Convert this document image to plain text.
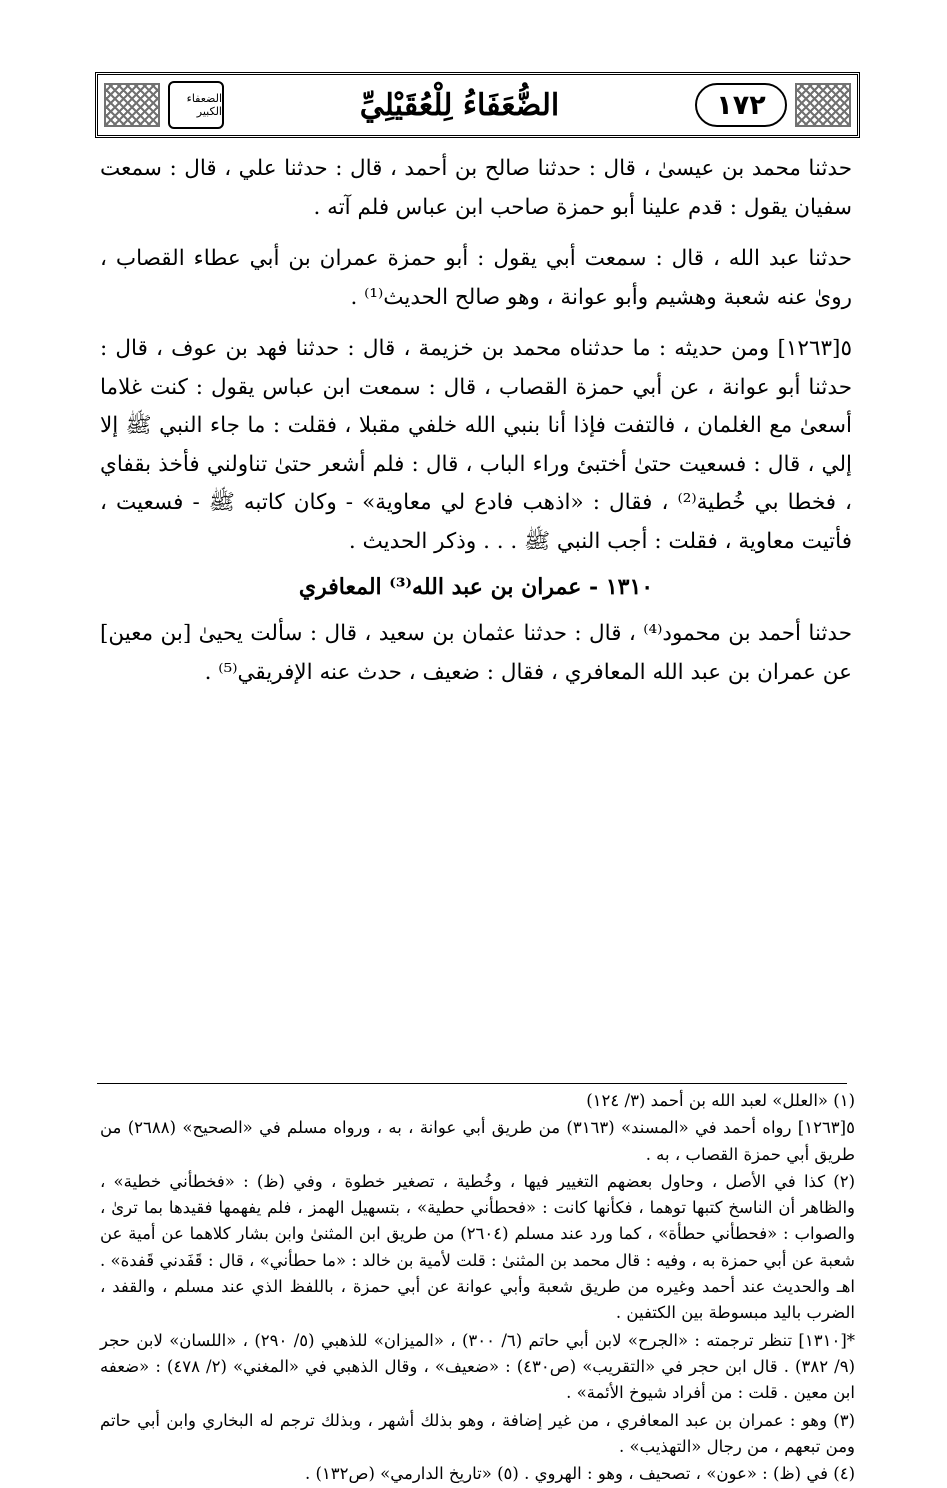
الضعفاء الكبير	الضُّعَفَاءُ لِلْعُقَيْلِيِّ	١٧٢

حدثنا محمد بن عيسىٰ ، قال : حدثنا صالح بن أحمد ، قال : حدثنا علي ، قال : سمعت سفيان يقول : قدم علينا أبو حمزة صاحب ابن عباس فلم آته .

حدثنا عبد الله ، قال : سمعت أبي يقول : أبو حمزة عمران بن أبي عطاء القصاب ، روىٰ عنه شعبة وهشيم وأبو عوانة ، وهو صالح الحديث⁽¹⁾ .

٥[١٢٦٣] ومن حديثه : ما حدثناه محمد بن خزيمة ، قال : حدثنا فهد بن عوف ، قال : حدثنا أبو عوانة ، عن أبي حمزة القصاب ، قال : سمعت ابن عباس يقول : كنت غلاما أسعىٰ مع الغلمان ، فالتفت فإذا أنا بنبي الله خلفي مقبلا ، فقلت : ما جاء النبي ﷺ إلا إلي ، قال : فسعيت حتىٰ أختبئ وراء الباب ، قال : فلم أشعر حتىٰ تناولني فأخذ بقفاي ، فخطا بي خُطية⁽²⁾ ، فقال : «اذهب فادع لي معاوية» - وكان كاتبه ﷺ - فسعيت ، فأتيت معاوية ، فقلت : أجب النبي ﷺ . . . وذكر الحديث .

١٣١٠ - عمران بن عبد الله⁽³⁾ المعافري

حدثنا أحمد بن محمود⁽⁴⁾ ، قال : حدثنا عثمان بن سعيد ، قال : سألت يحيىٰ [بن معين] عن عمران بن عبد الله المعافري ، فقال : ضعيف ، حدث عنه الإفريقي⁽⁵⁾ .

(١) «العلل» لعبد الله بن أحمد (٣/ ١٢٤)

٥[١٢٦٣] رواه أحمد في «المسند» (٣١٦٣) من طريق أبي عوانة ، به ، ورواه مسلم في «الصحيح» (٢٦٨٨) من طريق أبي حمزة القصاب ، به .

(٢) كذا في الأصل ، وحاول بعضهم التغيير فيها ، وخُطية ، تصغير خطوة ، وفي (ظ) : «فخطأني خطية» ، والظاهر أن الناسخ كتبها توهما ، فكأنها كانت : «فحطأني حطية» ، بتسهيل الهمز ، فلم يفهمها فقيدها بما ترىٰ ، والصواب : «فحطأني حطأة» ، كما ورد عند مسلم (٢٦٠٤) من طريق ابن المثنىٰ وابن بشار كلاهما عن أمية عن شعبة عن أبي حمزة به ، وفيه : قال محمد بن المثنىٰ : قلت لأمية بن خالد : «ما حطأني» ، قال : قَفَدني قَفدة» . اهـ والحديث عند أحمد وغيره من طريق شعبة وأبي عوانة عن أبي حمزة ، باللفظ الذي عند مسلم ، والقفد ، الضرب باليد مبسوطة بين الكتفين .

*[١٣١٠] تنظر ترجمته : «الجرح» لابن أبي حاتم (٦/ ٣٠٠) ، «الميزان» للذهبي (٥/ ٢٩٠) ، «اللسان» لابن حجر (٩/ ٣٨٢) . قال ابن حجر في «التقريب» (ص٤٣٠) : «ضعيف» ، وقال الذهبي في «المغني» (٢/ ٤٧٨) : «ضعفه ابن معين . قلت : من أفراد شيوخ الأئمة» .

(٣) وهو : عمران بن عبد المعافري ، من غير إضافة ، وهو بذلك أشهر ، وبذلك ترجم له البخاري وابن أبي حاتم ومن تبعهم ، من رجال «التهذيب» .

(٤) في (ظ) : «عون» ، تصحيف ، وهو : الهروي . (٥) «تاريخ الدارمي» (ص١٣٢) .
